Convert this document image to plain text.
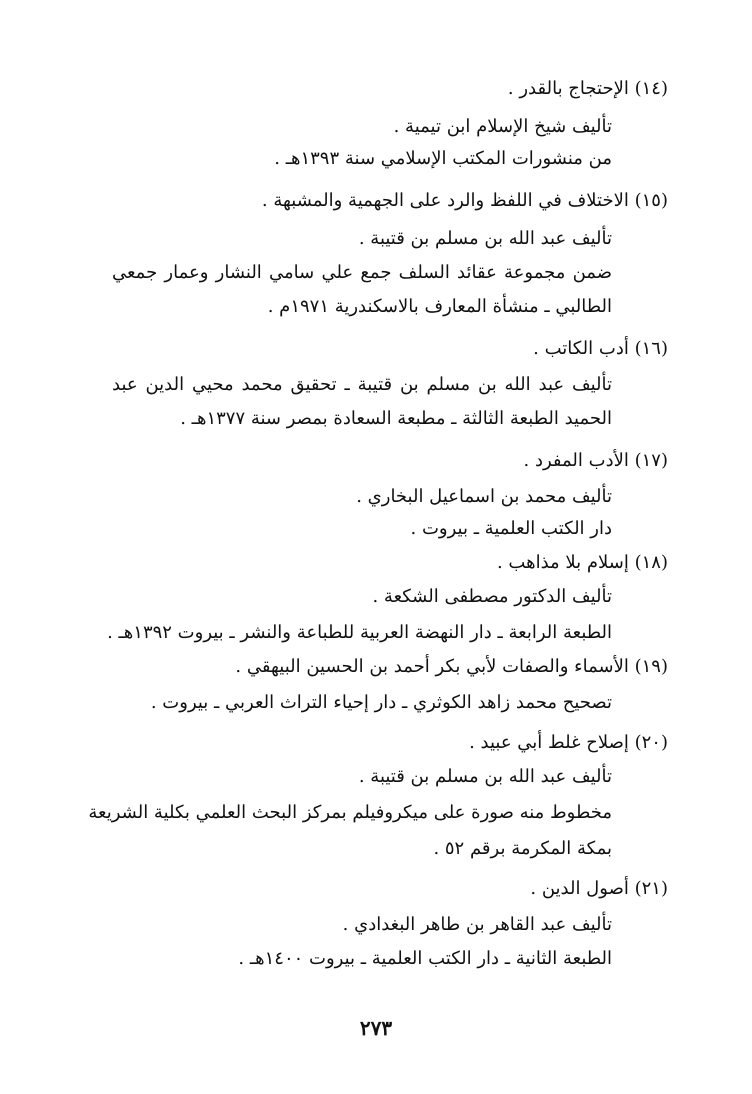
(١٤) الإحتجاج بالقدر .
تأليف شيخ الإسلام ابن تيمية .
من منشورات المكتب الإسلامي سنة ١٣٩٣هـ .
(١٥) الاختلاف في اللفظ والرد على الجهمية والمشبهة .
تأليف عبد الله بن مسلم بن قتيبة .
ضمن مجموعة عقائد السلف جمع علي سامي النشار وعمار جمعي
الطالبي ـ منشأة المعارف بالاسكندرية ١٩٧١م .
(١٦) أدب الكاتب .
تأليف عبد الله بن مسلم بن قتيبة ـ تحقيق محمد محيي الدين عبد
الحميد الطبعة الثالثة ـ مطبعة السعادة بمصر سنة ١٣٧٧هـ .
(١٧) الأدب المفرد .
تأليف محمد بن اسماعيل البخاري .
دار الكتب العلمية ـ بيروت .
(١٨) إسلام بلا مذاهب .
تأليف الدكتور مصطفى الشكعة .
الطبعة الرابعة ـ دار النهضة العربية للطباعة والنشر ـ بيروت ١٣٩٢هـ .
(١٩) الأسماء والصفات لأبي بكر أحمد بن الحسين البيهقي .
تصحيح محمد زاهد الكوثري ـ دار إحياء التراث العربي ـ بيروت .
(٢٠) إصلاح غلط أبي عبيد .
تأليف عبد الله بن مسلم بن قتيبة .
مخطوط منه صورة على ميكروفيلم بمركز البحث العلمي بكلية الشريعة
بمكة المكرمة برقم ٥٢ .
(٢١) أصول الدين .
تأليف عبد القاهر بن طاهر البغدادي .
الطبعة الثانية ـ دار الكتب العلمية ـ بيروت ١٤٠٠هـ .
٢٧٣
